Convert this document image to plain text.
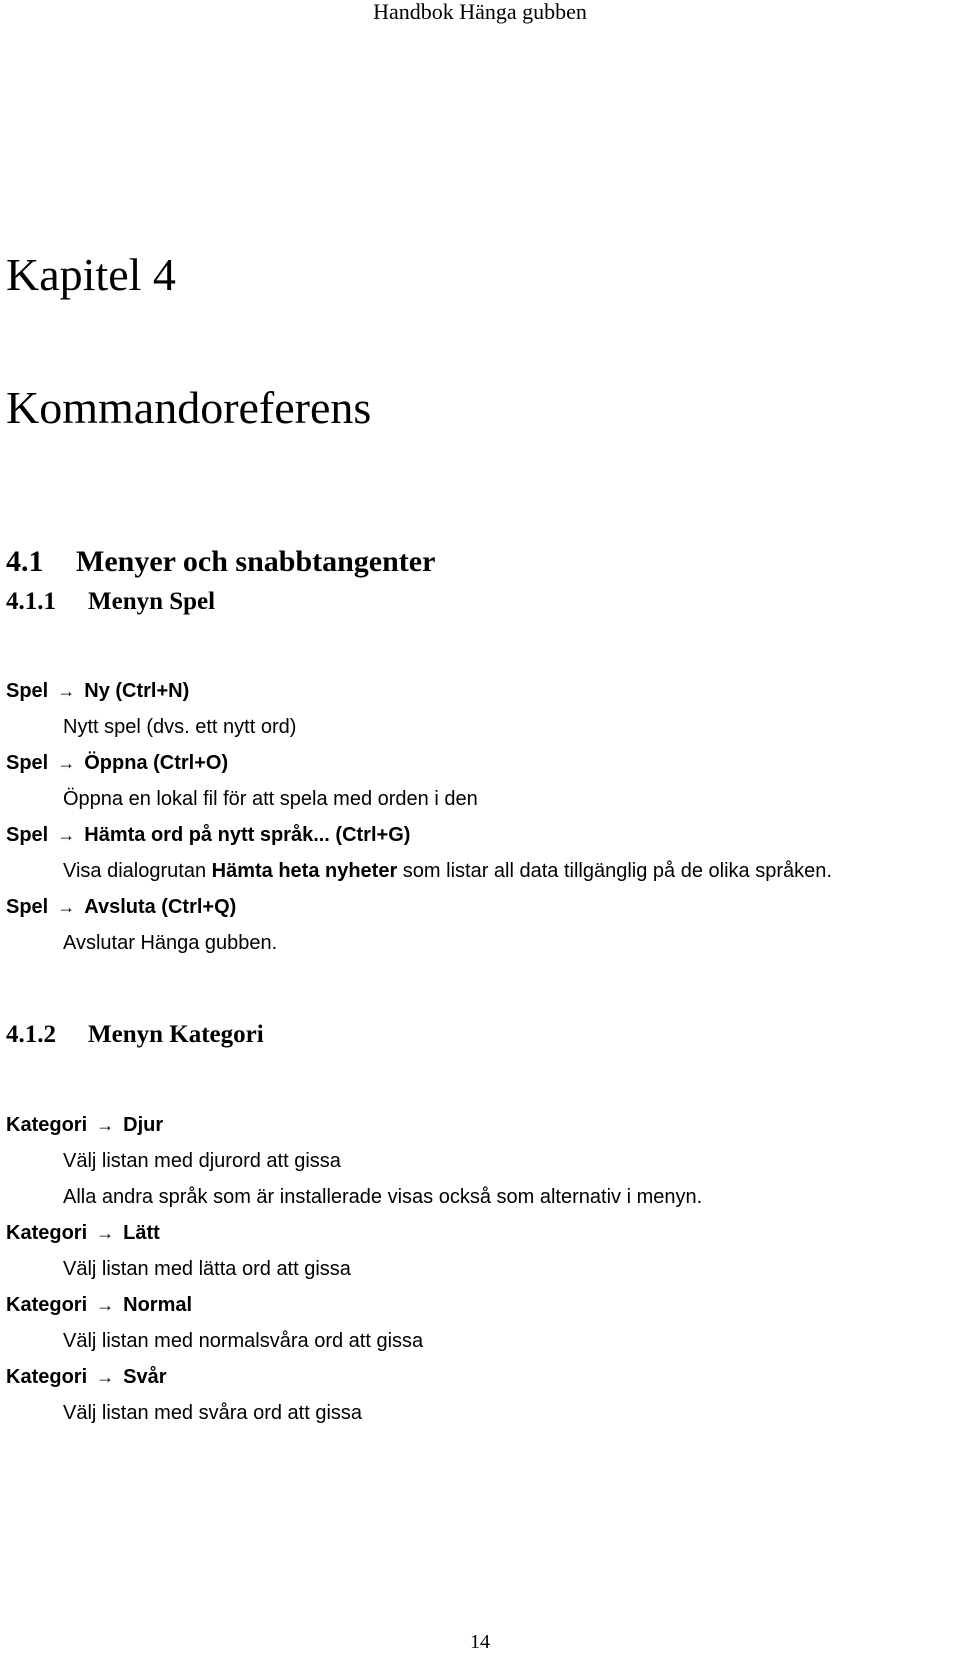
Handbok Hänga gubben
Kapitel 4
Kommandoreferens
4.1 Menyer och snabbtangenter
4.1.1 Menyn Spel
Spel → Ny (Ctrl+N)
Nytt spel (dvs. ett nytt ord)
Spel → Öppna (Ctrl+O)
Öppna en lokal fil för att spela med orden i den
Spel → Hämta ord på nytt språk... (Ctrl+G)
Visa dialogrutan Hämta heta nyheter som listar all data tillgänglig på de olika språken.
Spel → Avsluta (Ctrl+Q)
Avslutar Hänga gubben.
4.1.2 Menyn Kategori
Kategori → Djur
Välj listan med djurord att gissa
Alla andra språk som är installerade visas också som alternativ i menyn.
Kategori → Lätt
Välj listan med lätta ord att gissa
Kategori → Normal
Välj listan med normalsvåra ord att gissa
Kategori → Svår
Välj listan med svåra ord att gissa
14
